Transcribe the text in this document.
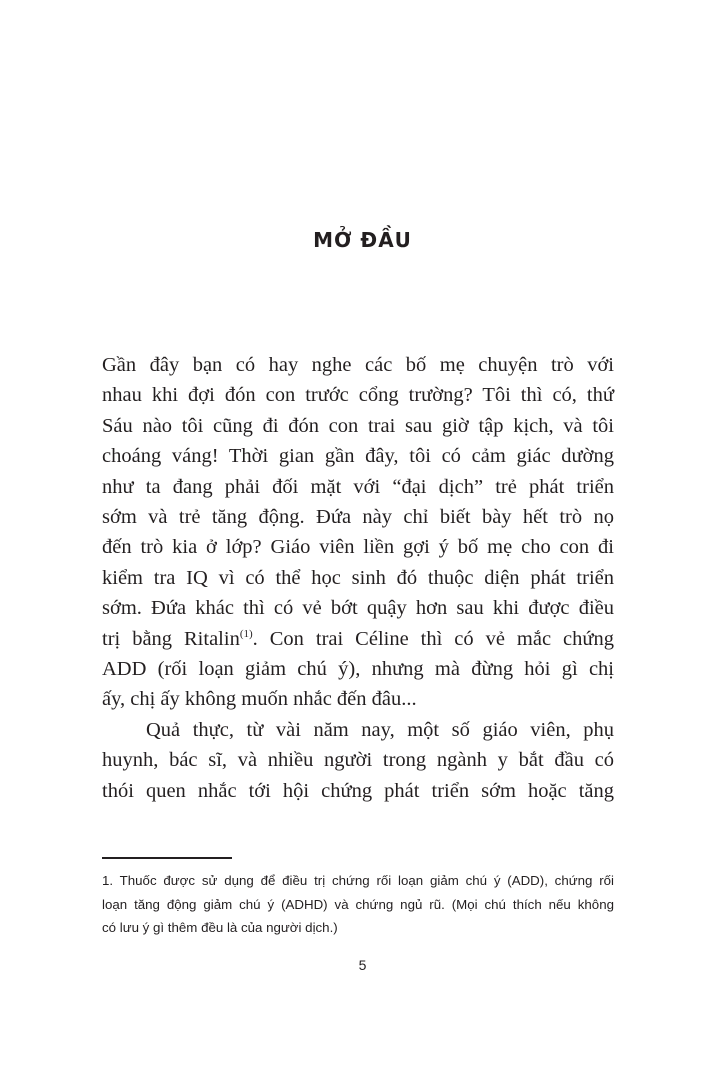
MỞ ĐẦU
Gần đây bạn có hay nghe các bố mẹ chuyện trò với
nhau khi đợi đón con trước cổng trường? Tôi thì có, thứ
Sáu nào tôi cũng đi đón con trai sau giờ tập kịch, và tôi
choáng váng! Thời gian gần đây, tôi có cảm giác dường
như ta đang phải đối mặt với “đại dịch” trẻ phát triển
sớm và trẻ tăng động. Đứa này chỉ biết bày hết trò nọ
đến trò kia ở lớp? Giáo viên liền gợi ý bố mẹ cho con đi
kiểm tra IQ vì có thể học sinh đó thuộc diện phát triển
sớm. Đứa khác thì có vẻ bớt quậy hơn sau khi được điều
trị bằng Ritalin$^{(1)}$. Con trai Céline thì có vẻ mắc chứng
ADD (rối loạn giảm chú ý), nhưng mà đừng hỏi gì chị
ấy, chị ấy không muốn nhắc đến đâu...
Quả thực, từ vài năm nay, một số giáo viên, phụ
huynh, bác sĩ, và nhiều người trong ngành y bắt đầu có
thói quen nhắc tới hội chứng phát triển sớm hoặc tăng
1. Thuốc được sử dụng để điều trị chứng rối loạn giảm chú ý (ADD), chứng rối
loạn tăng động giảm chú ý (ADHD) và chứng ngủ rũ. (Mọi chú thích nếu không
có lưu ý gì thêm đều là của người dịch.)
5
